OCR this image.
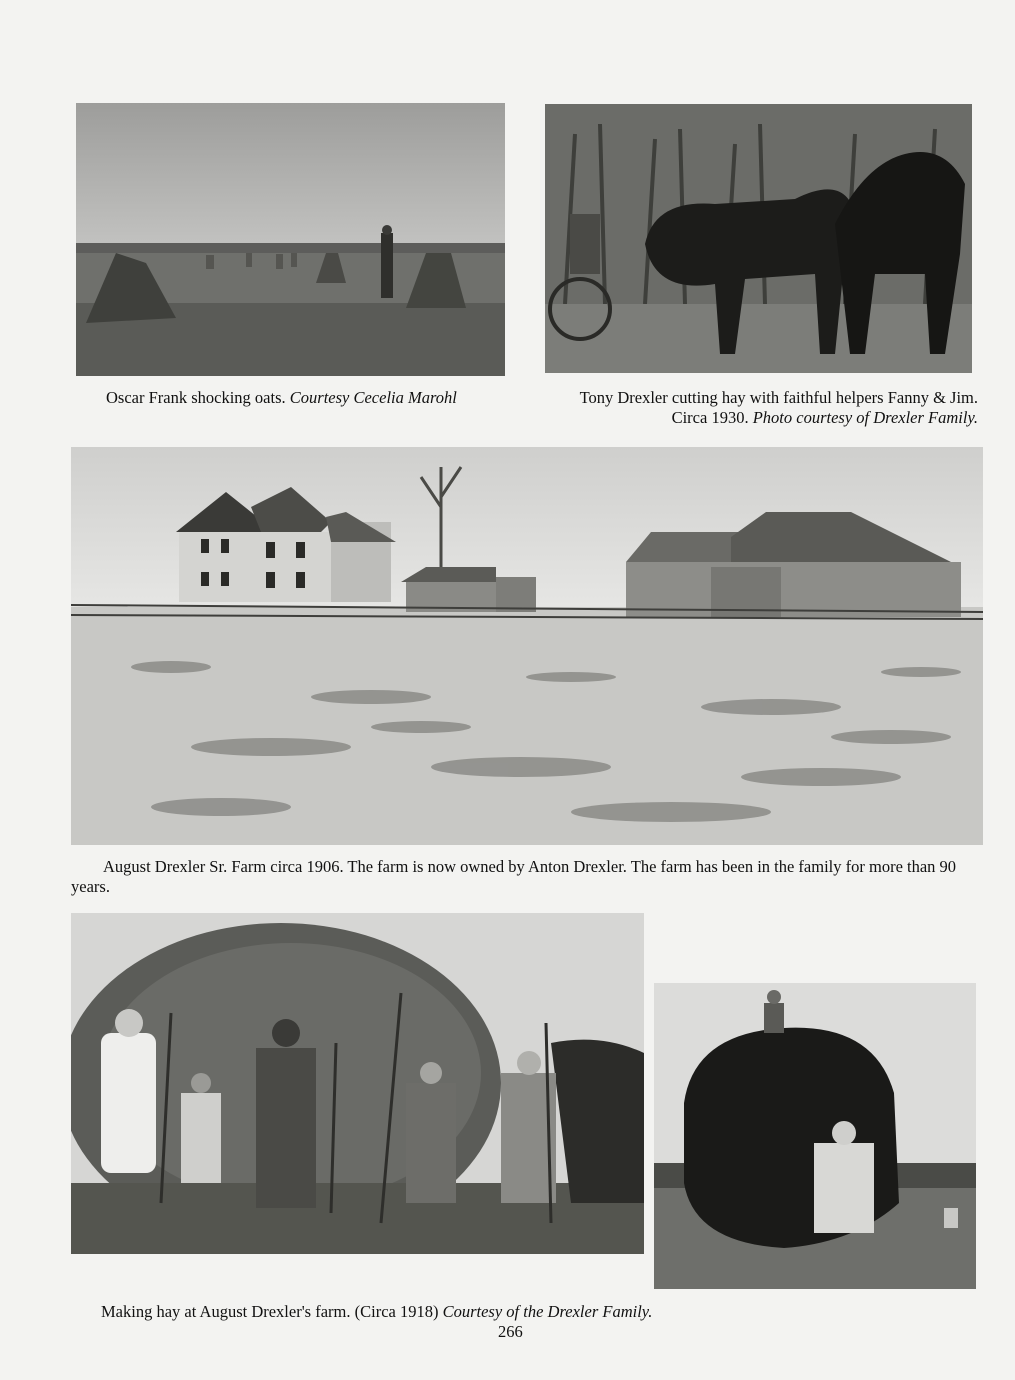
Oscar Frank shocking oats. Courtesy Cecelia Marohl	Tony Drexler cutting hay with faithful helpers Fanny & Jim. Circa 1930. Photo courtesy of Drexler Family.
August Drexler Sr. Farm circa 1906. The farm is now owned by Anton Drexler. The farm has been in the family for more than 90 years.
Making hay at August Drexler's farm. (Circa 1918) Courtesy of the Drexler Family.
266
